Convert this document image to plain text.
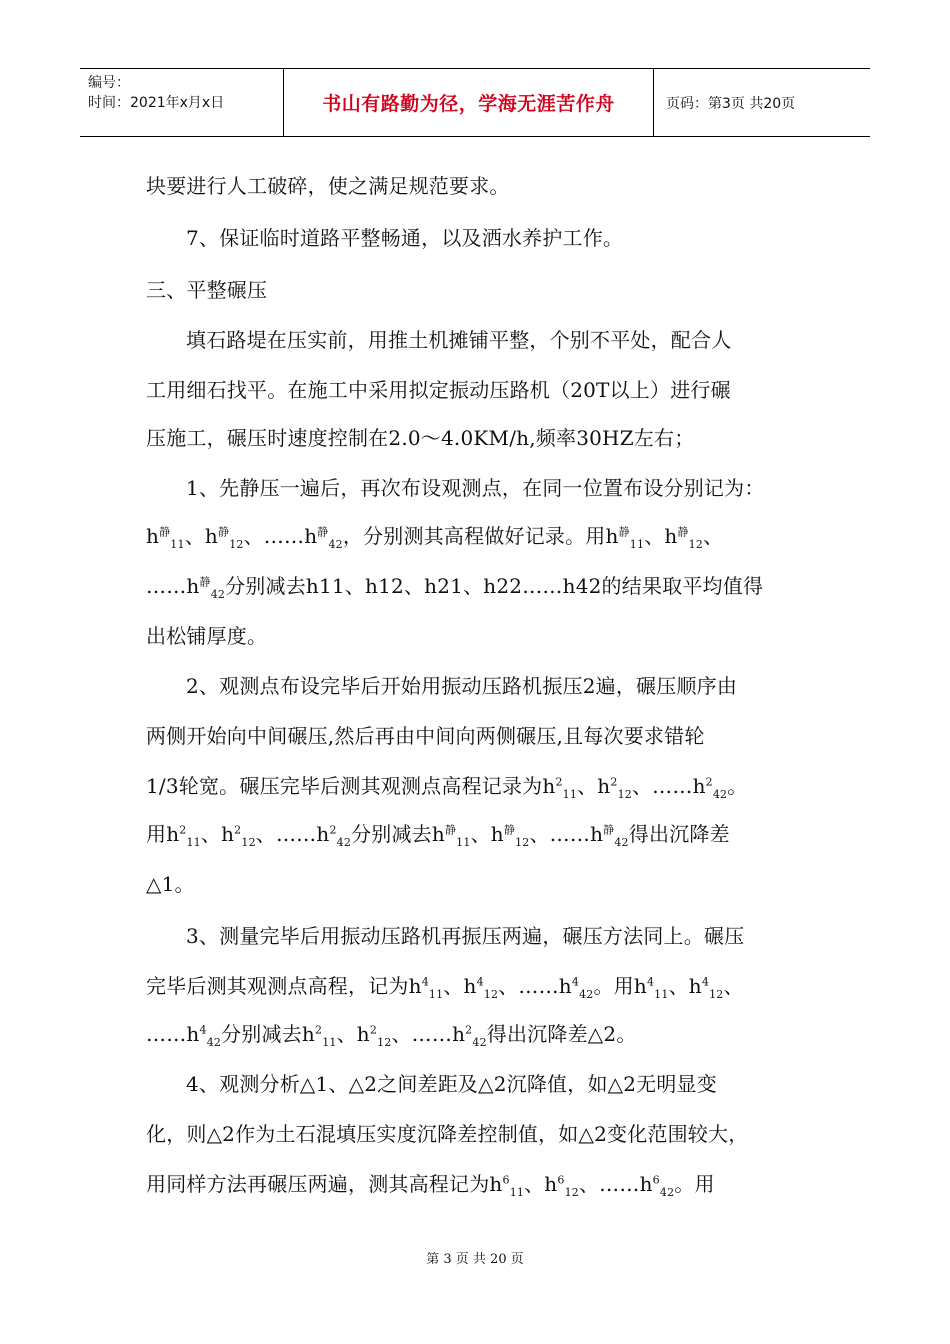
编号：
时间：2021年x月x日	书山有路勤为径，学海无涯苦作舟	页码：第3页 共20页
块要进行人工破碎，使之满足规范要求。
7、保证临时道路平整畅通，以及洒水养护工作。
三、平整碾压
填石路堤在压实前，用推土机摊铺平整，个别不平处，配合人
工用细石找平。在施工中采用拟定振动压路机（20T以上）进行碾
压施工，碾压时速度控制在2.0～4.0KM/h,频率30HZ左右；
1、先静压一遍后，再次布设观测点，在同一位置布设分别记为：
$h^静_{11}$、$h^静_{12}$、$\dots\dots h^静_{42}$，分别测其高程做好记录。用$h^静_{11}$、$h^静_{12}$、
$\dots\dots h^静_{42}$分别减去h11、h12、h21、h22……h42的结果取平均值得
出松铺厚度。
2、观测点布设完毕后开始用振动压路机振压2遍，碾压顺序由
两侧开始向中间碾压,然后再由中间向两侧碾压,且每次要求错轮
1/3轮宽。碾压完毕后测其观测点高程记录为$h^2_{11}$、$h^2_{12}$、$\dots\dots h^2_{42}$。
用$h^2_{11}$、$h^2_{12}$、$\dots\dots h^2_{42}$分别减去$h^静_{11}$、$h^静_{12}$、$\dots\dots h^静_{42}$得出沉降差
△1。
3、测量完毕后用振动压路机再振压两遍，碾压方法同上。碾压
完毕后测其观测点高程，记为$h^4_{11}$、$h^4_{12}$、$\dots\dots h^4_{42}$。用$h^4_{11}$、$h^4_{12}$、
$\dots\dots h^4_{42}$分别减去$h^2_{11}$、$h^2_{12}$、$\dots\dots h^2_{42}$得出沉降差△2。
4、观测分析△1、△2之间差距及△2沉降值，如△2无明显变
化，则△2作为土石混填压实度沉降差控制值，如△2变化范围较大，
用同样方法再碾压两遍，测其高程记为$h^6_{11}$、$h^6_{12}$、$\dots\dots h^6_{42}$。用
第 3 页 共 20 页
